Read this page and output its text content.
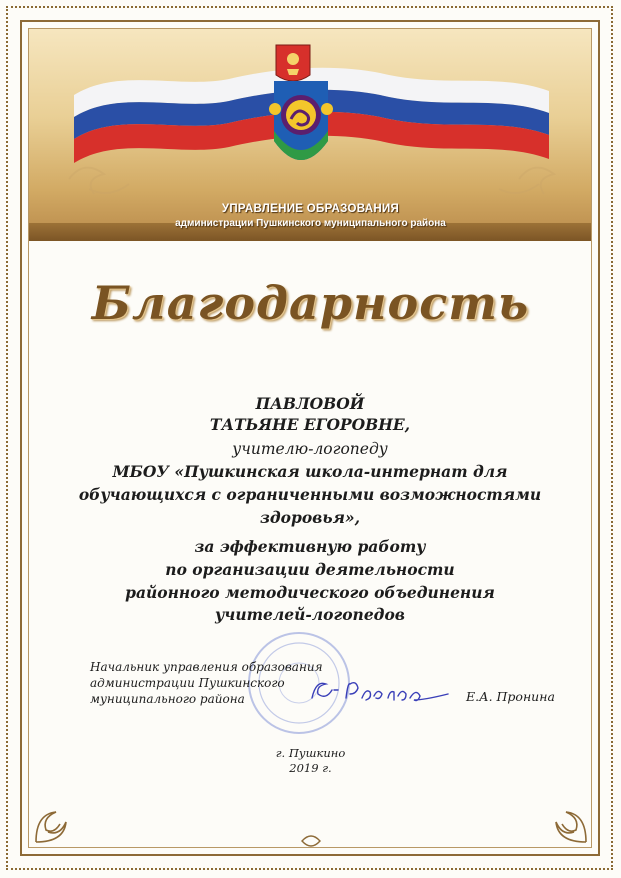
УПРАВЛЕНИЕ ОБРАЗОВАНИЯ
администрации Пушкинского муниципального района
Благодарность

ПАВЛОВОЙ

ТАТЬЯНЕ ЕГОРОВНЕ,

учителю-логопеду

МБОУ «Пушкинская школа-интернат для

обучающихся с ограниченными возможностями

здоровья»,

за эффективную работу

по организации деятельности

районного методического объединения

учителей-логопедов

Начальник управления образования

администрации Пушкинского

муниципального района	Е.А. Пронина

г. Пушкино

2019 г.
